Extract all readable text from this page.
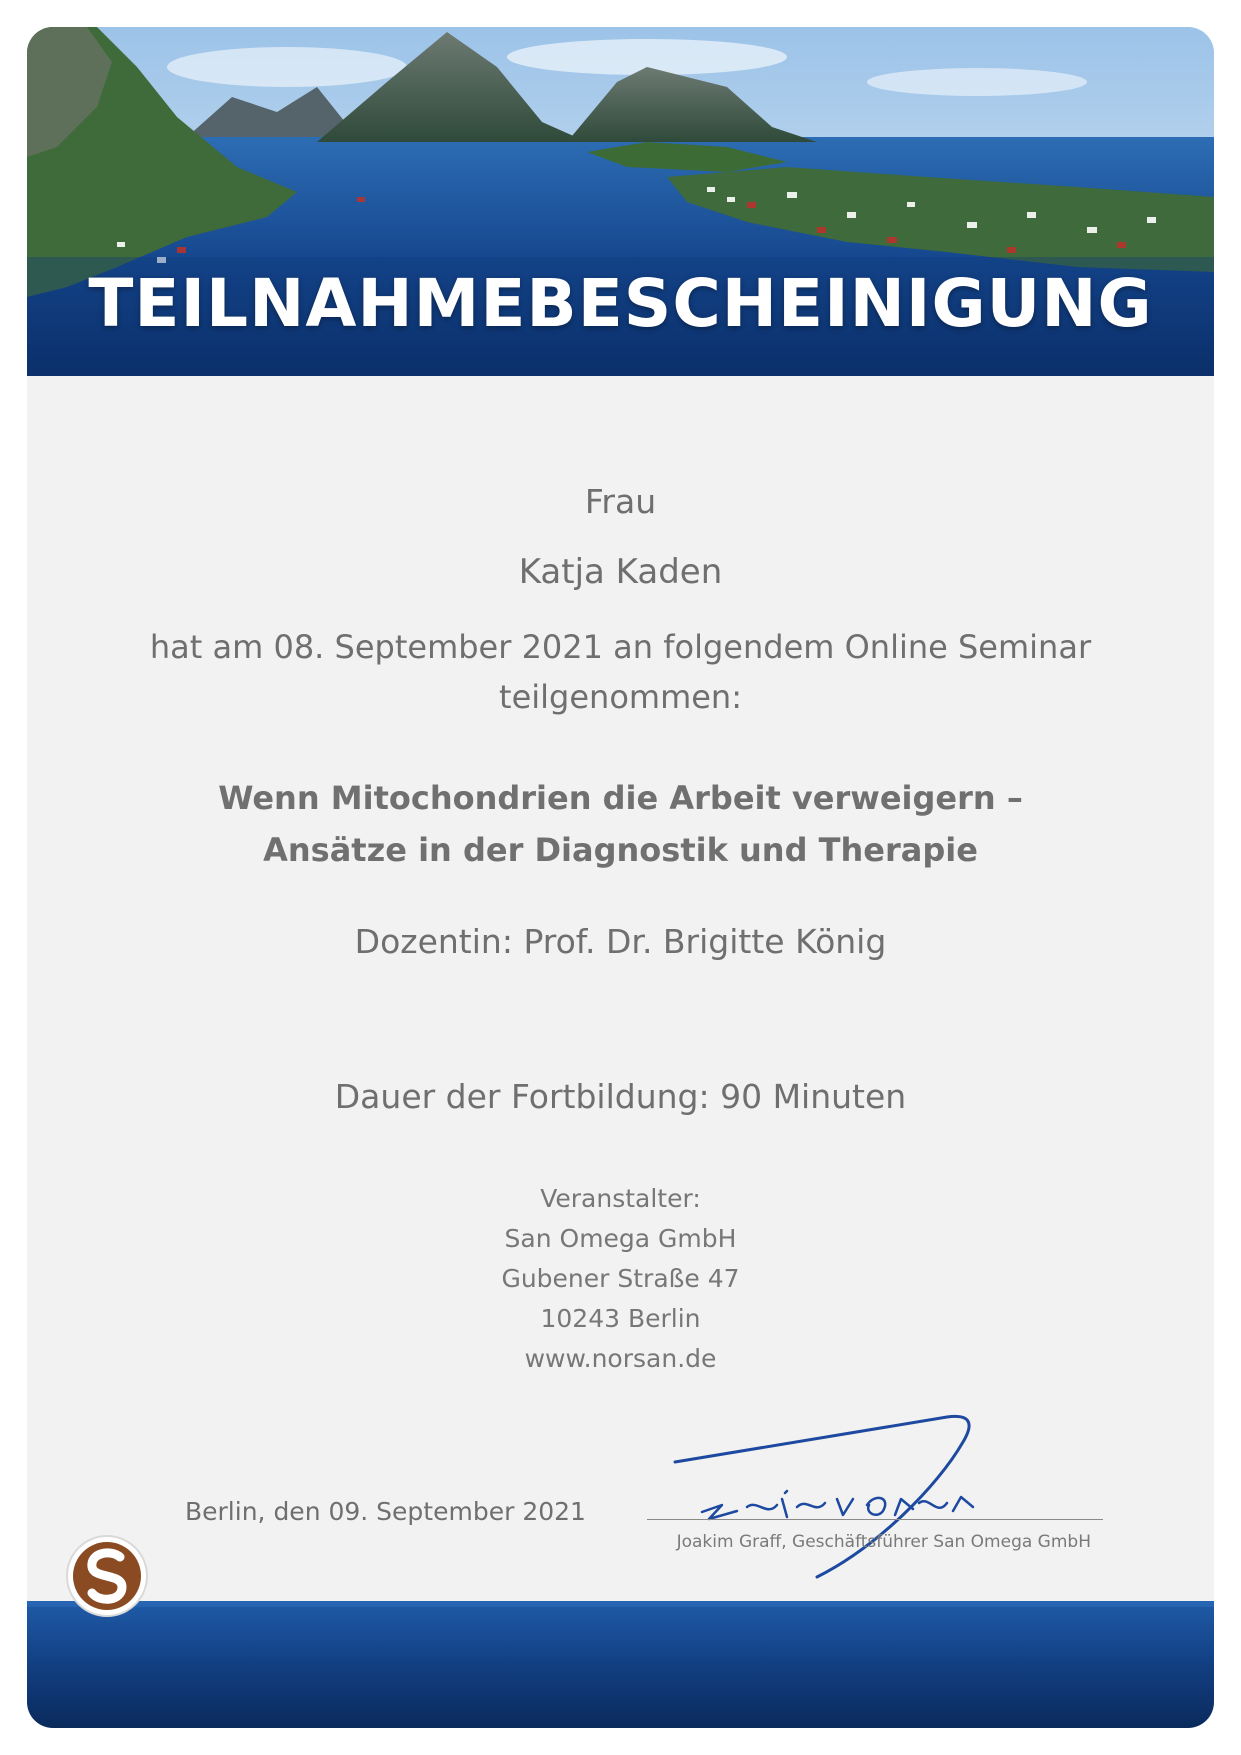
TEILNAHMEBESCHEINIGUNG
Frau
Katja Kaden
hat am 08. September 2021 an folgendem Online Seminar
teilgenommen:
Wenn Mitochondrien die Arbeit verweigern –
Ansätze in der Diagnostik und Therapie
Dozentin: Prof. Dr. Brigitte König
Dauer der Fortbildung: 90 Minuten
Veranstalter:
San Omega GmbH
Gubener Straße 47
10243 Berlin
www.norsan.de
Berlin, den 09. September 2021
Joakim Graff, Geschäftsführer San Omega GmbH
